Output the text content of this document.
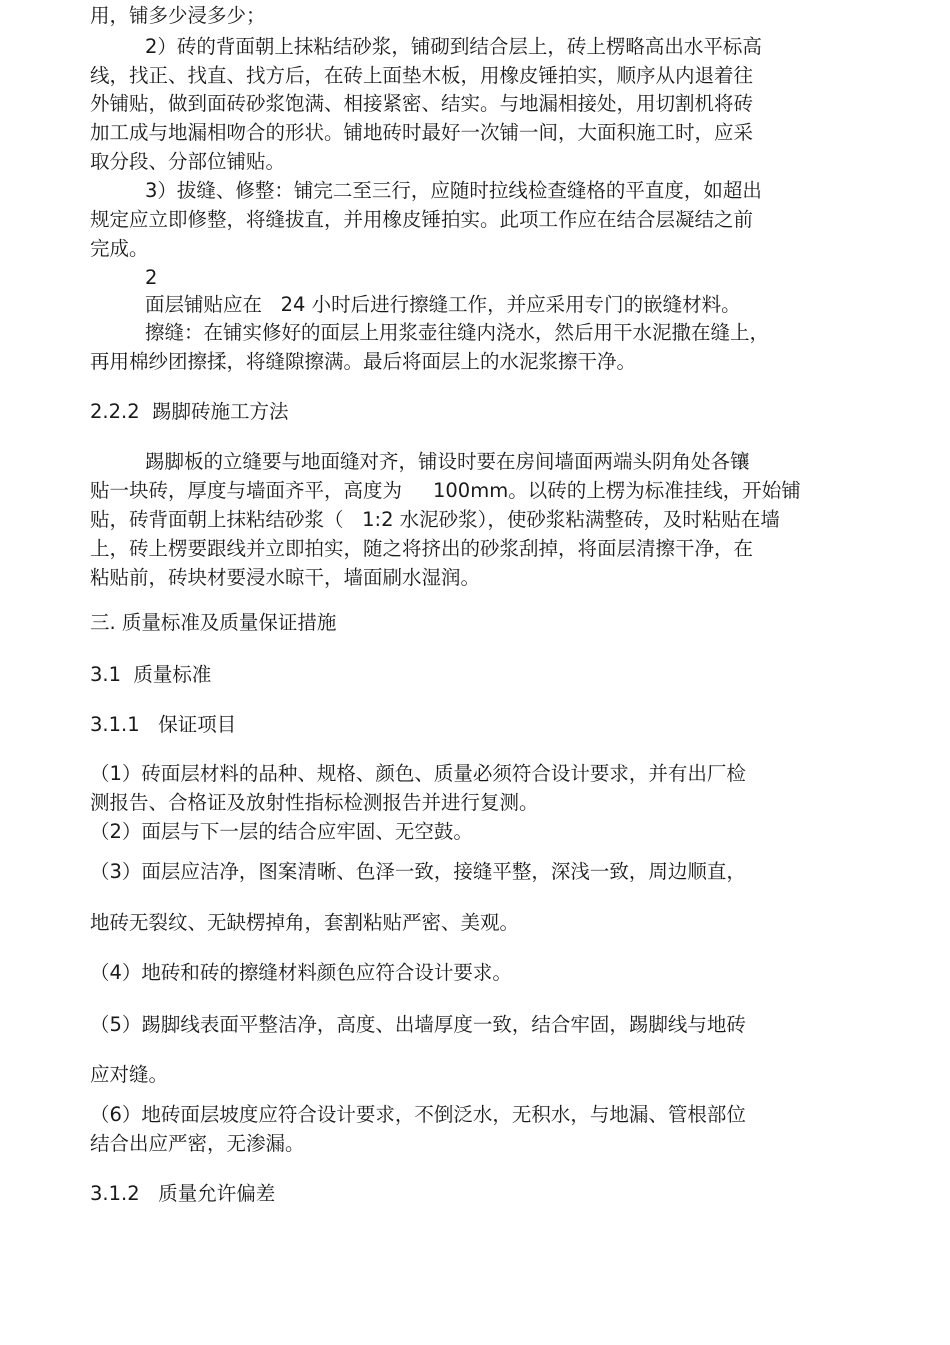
用，铺多少浸多少；
2）砖的背面朝上抹粘结砂浆，铺砌到结合层上，砖上楞略高出水平标高
线，找正、找直、找方后，在砖上面垫木板，用橡皮锤拍实，顺序从内退着往
外铺贴，做到面砖砂浆饱满、相接紧密、结实。与地漏相接处，用切割机将砖
加工成与地漏相吻合的形状。铺地砖时最好一次铺一间，大面积施工时，应采
取分段、分部位铺贴。
3）拔缝、修整：铺完二至三行，应随时拉线检查缝格的平直度，如超出
规定应立即修整，将缝拔直，并用橡皮锤拍实。此项工作应在结合层凝结之前
完成。
2
面层铺贴应在   24 小时后进行擦缝工作，并应采用专门的嵌缝材料。
擦缝：在铺实修好的面层上用浆壶往缝内浇水，然后用干水泥撒在缝上，
再用棉纱团擦揉，将缝隙擦满。最后将面层上的水泥浆擦干净。
2.2.2  踢脚砖施工方法
踢脚板的立缝要与地面缝对齐，铺设时要在房间墙面两端头阴角处各镶
贴一块砖，厚度与墙面齐平，高度为     100mm。以砖的上楞为标准挂线，开始铺
贴，砖背面朝上抹粘结砂浆（   1:2 水泥砂浆），使砂浆粘满整砖，及时粘贴在墙
上，砖上楞要跟线并立即拍实，随之将挤出的砂浆刮掉，将面层清擦干净，在
粘贴前，砖块材要浸水晾干，墙面刷水湿润。
三. 质量标准及质量保证措施
3.1  质量标准
3.1.1   保证项目
（1）砖面层材料的品种、规格、颜色、质量必须符合设计要求，并有出厂检
测报告、合格证及放射性指标检测报告并进行复测。
（2）面层与下一层的结合应牢固、无空鼓。
（3）面层应洁净，图案清晰、色泽一致，接缝平整，深浅一致，周边顺直，
地砖无裂纹、无缺楞掉角，套割粘贴严密、美观。
（4）地砖和砖的擦缝材料颜色应符合设计要求。
（5）踢脚线表面平整洁净，高度、出墙厚度一致，结合牢固，踢脚线与地砖
应对缝。
（6）地砖面层坡度应符合设计要求，不倒泛水，无积水，与地漏、管根部位
结合出应严密，无渗漏。
3.1.2   质量允许偏差
